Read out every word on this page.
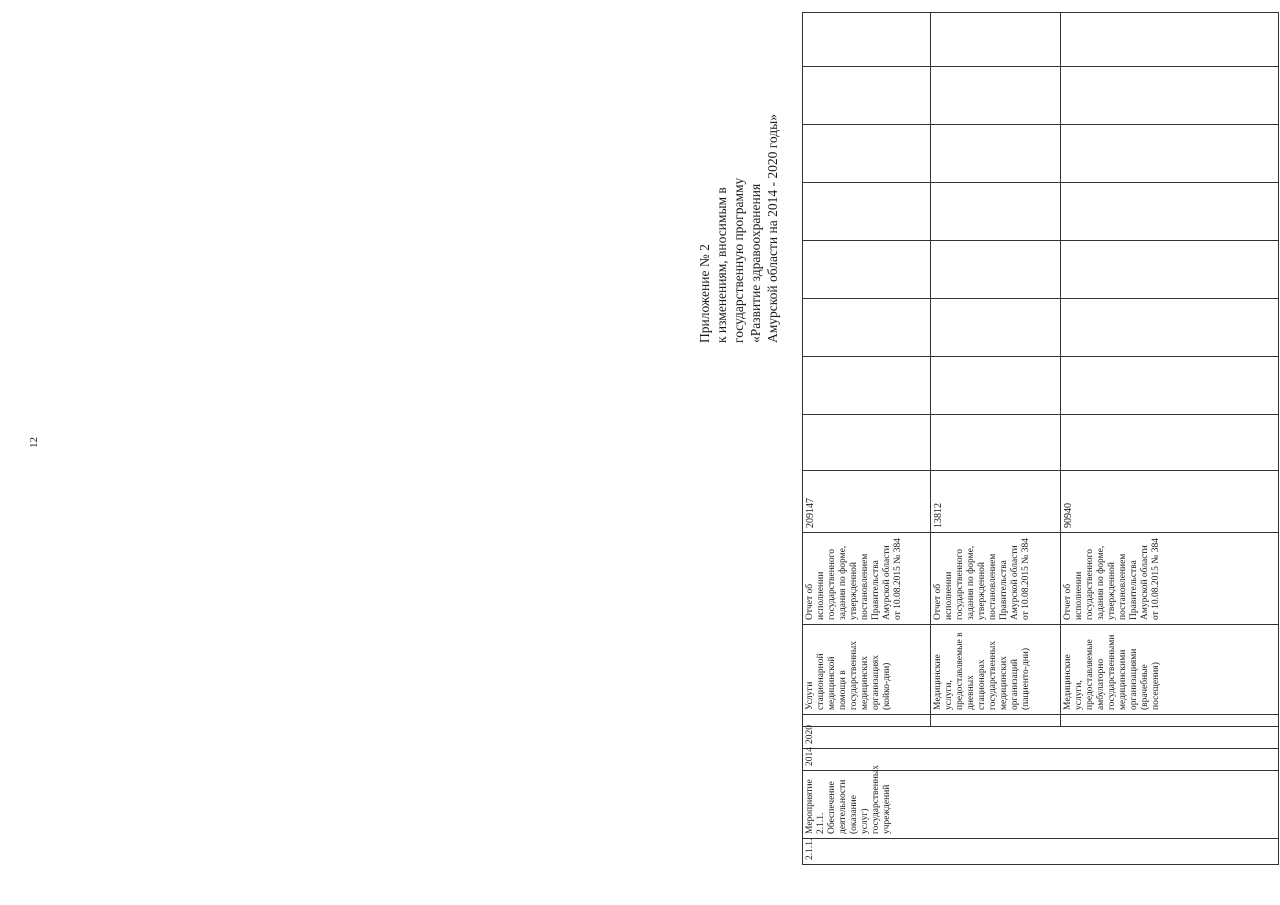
12
Приложение № 2 к изменениям, вносимым в государственную программу «Развитие здравоохранения Амурской области на 2014 - 2020 годы»
2.1.1.	Мероприятие 2.1.1. Обеспечение деятельности (оказание услуг) государственных учреждений	2014	2020		Услуги стационарной медицинской помощи в государственных медицинских организациях (койко-дни)	Отчет об исполнении государственного задания по форме, утвержденной постановлением Правительства Амурской области от 10.08.2015 № 384	209147								
					Медицинские услуги, предоставляемые в дневных стационарах государственных медицинских организаций (пациенто-дни)	Отчет об исполнении государственного задания по форме, утвержденной постановлением Правительства Амурской области от 10.08.2015 № 384	13812								
					Медицинские услуги, предоставляемые амбулаторно государственными медицинскими организациями (врачебные посещения)	Отчет об исполнении государственного задания по форме, утвержденной постановлением Правительства Амурской области от 10.08.2015 № 384	90940								
